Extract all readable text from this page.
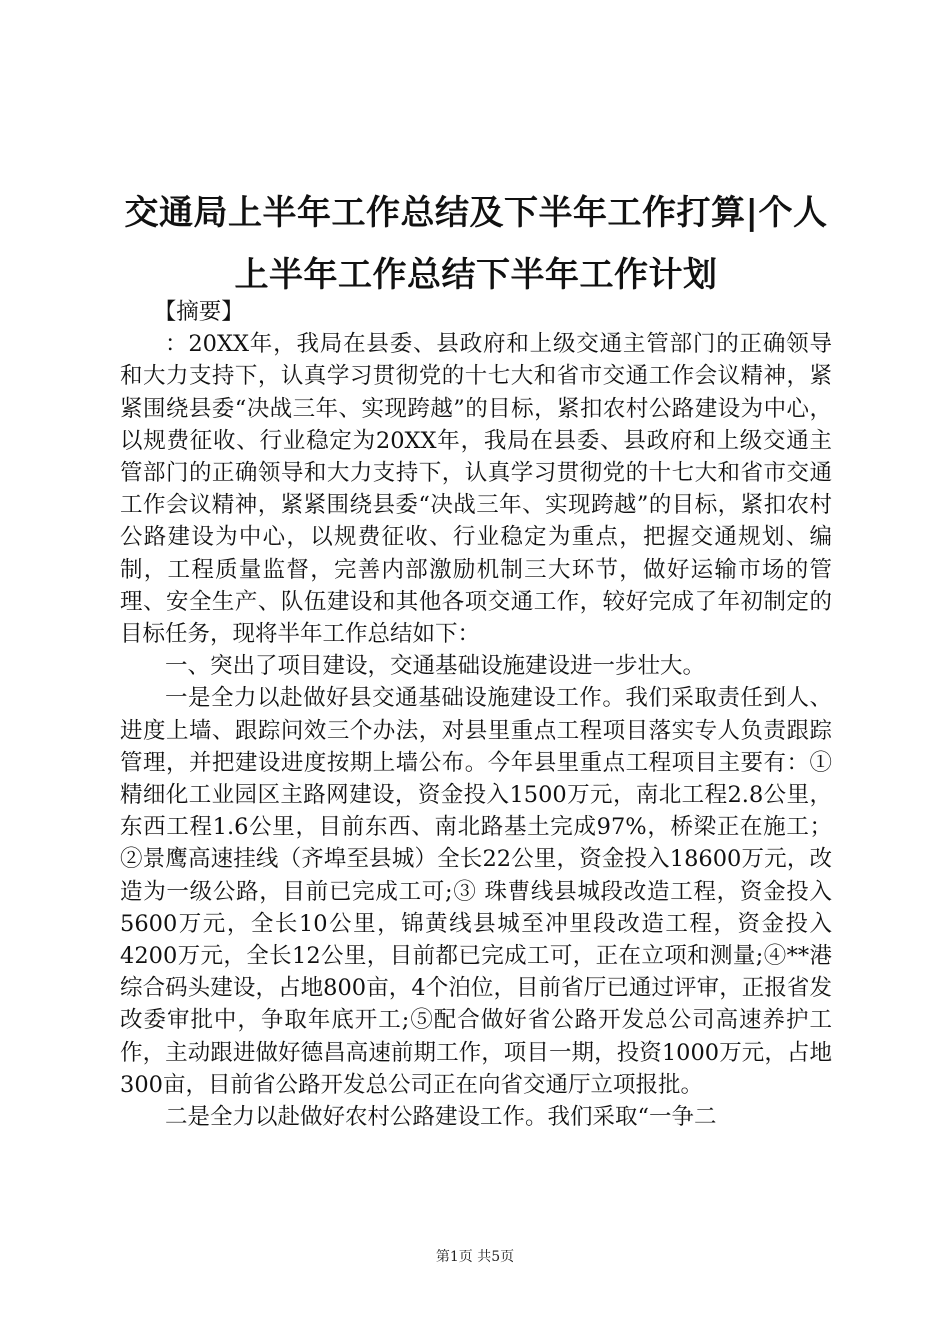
交通局上半年工作总结及下半年工作打算|个人上半年工作总结下半年工作计划

【摘要】

：20XX年，我局在县委、县政府和上级交通主管部门的正确领导和大力支持下，认真学习贯彻党的十七大和省市交通工作会议精神，紧紧围绕县委“决战三年、实现跨越”的目标，紧扣农村公路建设为中心，以规费征收、行业稳定为20XX年，我局在县委、县政府和上级交通主管部门的正确领导和大力支持下，认真学习贯彻党的十七大和省市交通工作会议精神，紧紧围绕县委“决战三年、实现跨越”的目标，紧扣农村公路建设为中心，以规费征收、行业稳定为重点，把握交通规划、编制，工程质量监督，完善内部激励机制三大环节，做好运输市场的管理、安全生产、队伍建设和其他各项交通工作，较好完成了年初制定的目标任务，现将半年工作总结如下：

一、突出了项目建设，交通基础设施建设进一步壮大。

一是全力以赴做好县交通基础设施建设工作。我们采取责任到人、进度上墙、跟踪问效三个办法，对县里重点工程项目落实专人负责跟踪管理，并把建设进度按期上墙公布。今年县里重点工程项目主要有：①精细化工业园区主路网建设，资金投入1500万元，南北工程2.8公里，东西工程1.6公里，目前东西、南北路基土完成97%，桥梁正在施工；②景鹰高速挂线（齐埠至县城）全长22公里，资金投入18600万元，改造为一级公路，目前已完成工可;③ 珠曹线县城段改造工程，资金投入5600万元，全长10公里，锦黄线县城至冲里段改造工程，资金投入4200万元，全长12公里，目前都已完成工可，正在立项和测量;④**港综合码头建设，占地800亩，4个泊位，目前省厅已通过评审，正报省发改委审批中，争取年底开工;⑤配合做好省公路开发总公司高速养护工作，主动跟进做好德昌高速前期工作，项目一期，投资1000万元，占地300亩，目前省公路开发总公司正在向省交通厅立项报批。

二是全力以赴做好农村公路建设工作。我们采取“一争二

第1页 共5页
